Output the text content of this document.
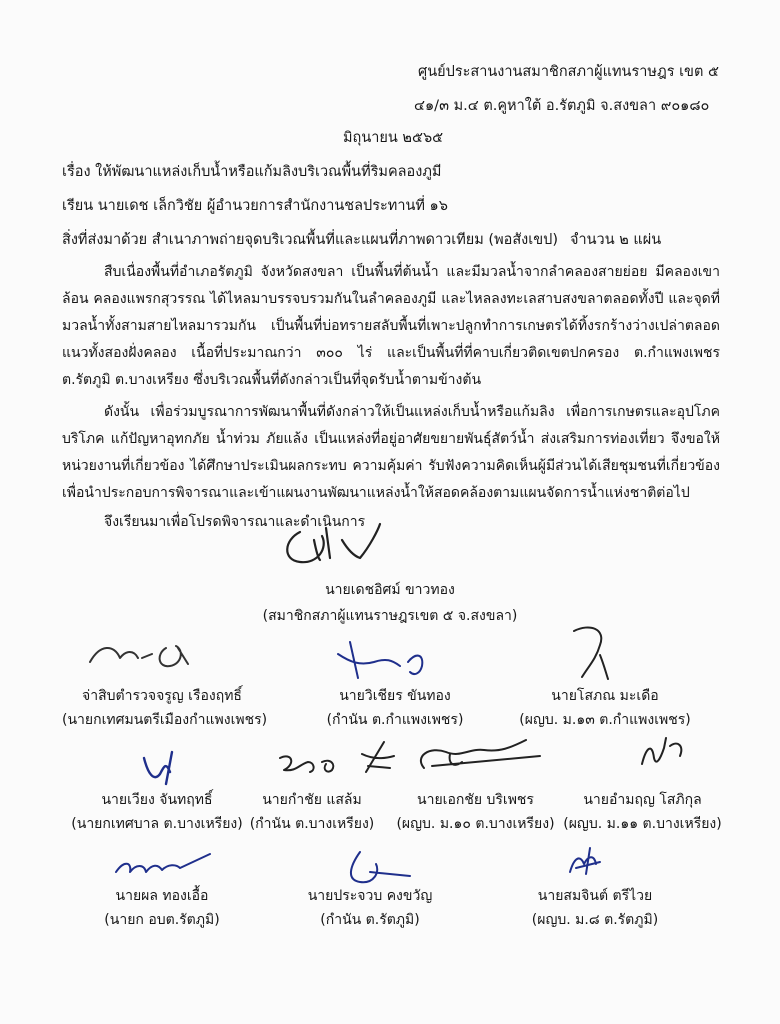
ศูนย์ประสานงานสมาชิกสภาผู้แทนราษฎร เขต ๕
๔๑/๓ ม.๔ ต.คูหาใต้ อ.รัตภูมิ จ.สงขลา ๙๐๑๘๐
มิถุนายน ๒๕๖๕
เรื่อง ให้พัฒนาแหล่งเก็บน้ำหรือแก้มลิงบริเวณพื้นที่ริมคลองภูมี
เรียน นายเดช เล็กวิชัย ผู้อำนวยการสำนักงานชลประทานที่ ๑๖
สิ่งที่ส่งมาด้วย สำเนาภาพถ่ายจุดบริเวณพื้นที่และแผนที่ภาพดาวเทียม (พอสังเขป) จำนวน ๒ แผ่น
สืบเนื่องพื้นที่อำเภอรัตภูมิ จังหวัดสงขลา เป็นพื้นที่ต้นน้ำ และมีมวลน้ำจากลำคลองสายย่อย มีคลองเขาล้อน คลองแพรกสุวรรณ ได้ไหลมาบรรจบรวมกันในลำคลองภูมี และไหลลงทะเลสาบสงขลาตลอดทั้งปี และจุดที่มวลน้ำทั้งสามสายไหลมารวมกัน เป็นพื้นที่บ่อทรายสลับพื้นที่เพาะปลูกทำการเกษตรได้ทิ้งรกร้างว่างเปล่าตลอดแนวทั้งสองฝั่งคลอง เนื้อที่ประมาณกว่า ๓๐๐ ไร่ และเป็นพื้นที่ที่คาบเกี่ยวติดเขตปกครอง ต.กำแพงเพชร ต.รัตภูมิ ต.บางเหรียง ซึ่งบริเวณพื้นที่ดังกล่าวเป็นที่จุดรับน้ำตามข้างต้น
ดังนั้น เพื่อร่วมบูรณาการพัฒนาพื้นที่ดังกล่าวให้เป็นแหล่งเก็บน้ำหรือแก้มลิง เพื่อการเกษตรและอุปโภคบริโภค แก้ปัญหาอุทกภัย น้ำท่วม ภัยแล้ง เป็นแหล่งที่อยู่อาศัยขยายพันธุ์สัตว์น้ำ ส่งเสริมการท่องเที่ยว จึงขอให้หน่วยงานที่เกี่ยวข้อง ได้ศึกษาประเมินผลกระทบ ความคุ้มค่า รับฟังความคิดเห็นผู้มีส่วนได้เสียชุมชนที่เกี่ยวข้องเพื่อนำประกอบการพิจารณาและเข้าแผนงานพัฒนาแหล่งน้ำให้สอดคล้องตามแผนจัดการน้ำแห่งชาติต่อไป
จึงเรียนมาเพื่อโปรดพิจารณาและดำเนินการ
นายเดชอิศม์ ขาวทอง
(สมาชิกสภาผู้แทนราษฎรเขต ๕ จ.สงขลา)
จ่าสิบตำรวจจรูญ เรืองฤทธิ์
(นายกเทศมนตรีเมืองกำแพงเพชร)
นายวิเชียร ขันทอง
(กำนัน ต.กำแพงเพชร)
นายโสภณ มะเดือ
(ผญบ. ม.๑๓ ต.กำแพงเพชร)
นายเวียง จันทฤทธิ์
(นายกเทศบาล ต.บางเหรียง)
นายกำชัย แสล้ม
(กำนัน ต.บางเหรียง)
นายเอกชัย บริเพชร
(ผญบ. ม.๑๐ ต.บางเหรียง)
นายอำมฤญ โสภิกุล
(ผญบ. ม.๑๑ ต.บางเหรียง)
นายผล ทองเอื้อ
(นายก อบต.รัตภูมิ)
นายประจวบ คงขวัญ
(กำนัน ต.รัตภูมิ)
นายสมจินต์ ตรีไวย
(ผญบ. ม.๘ ต.รัตภูมิ)
